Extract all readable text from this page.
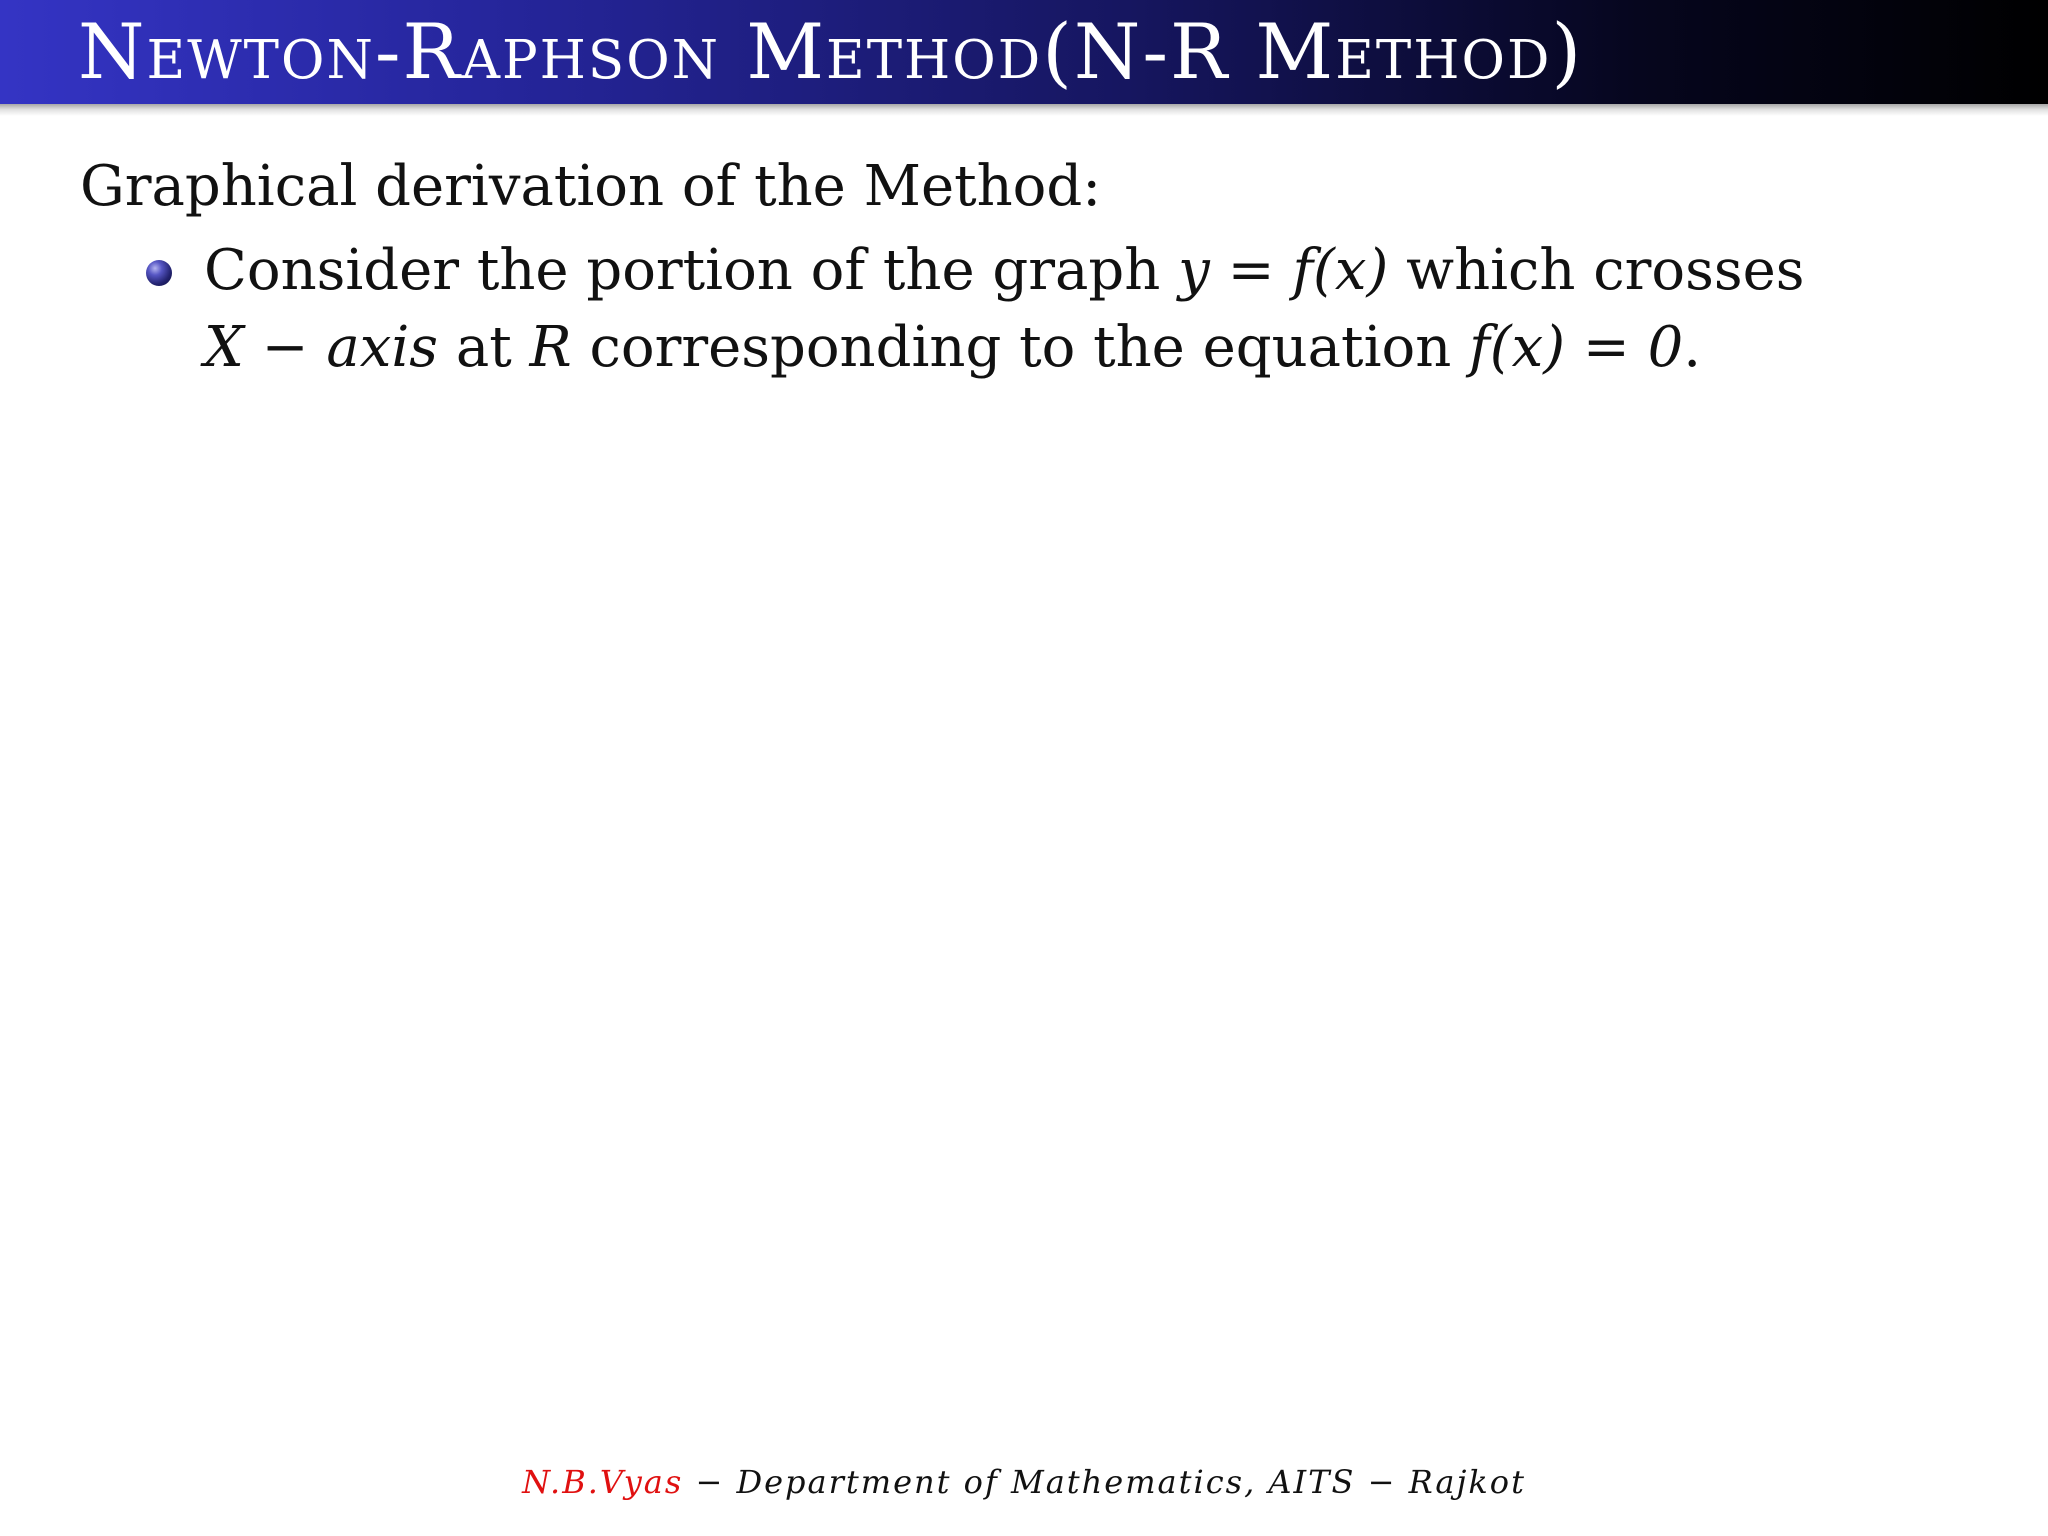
Newton-Raphson Method(N-R Method)
Graphical derivation of the Method:
Consider the portion of the graph y = f(x) which crosses
X − axis at R corresponding to the equation f(x) = 0.
N.B.Vyas − Department of Mathematics, AITS − Rajkot
